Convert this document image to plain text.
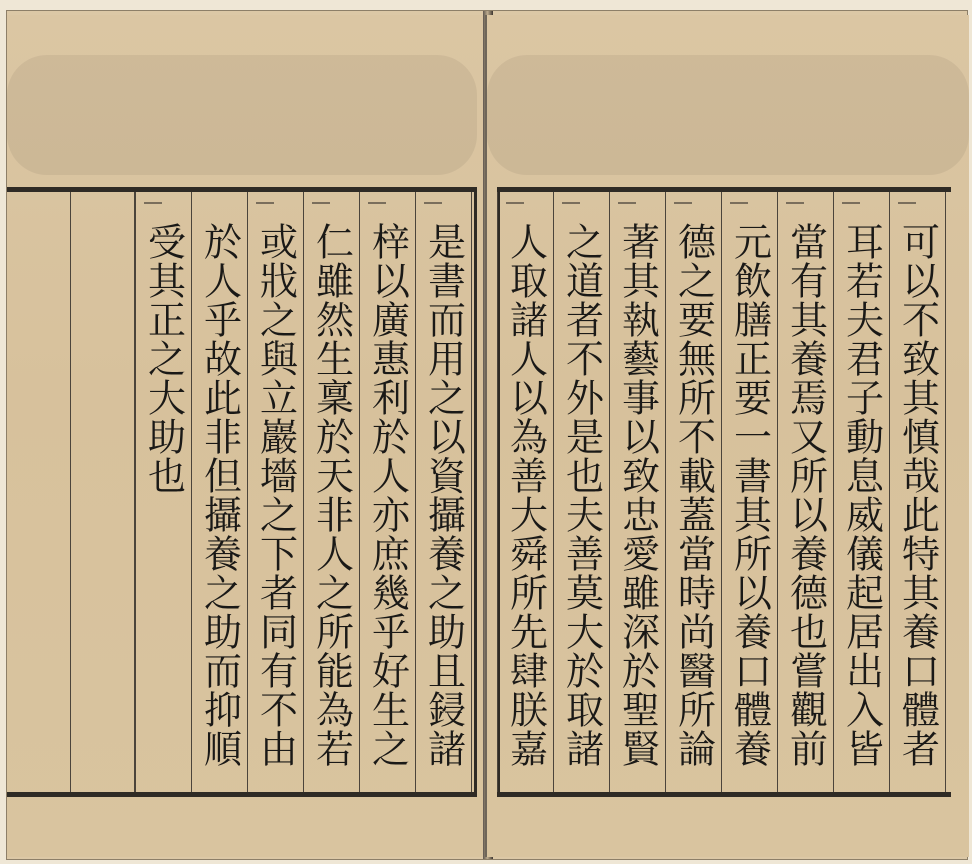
受其正之大助也 於人乎故此非但攝養之助而抑順 或戕之與立巖墻之下者同有不由 仁雖然生稟於天非人之所能為若 梓以廣惠利於人亦庶幾乎好生之 是書而用之以資攝養之助且鋟諸 人取諸人以為善大舜所先肆朕嘉 之道者不外是也夫善莫大於取諸 著其執藝事以致忠愛雖深於聖賢 德之要無所不載蓋當時尚醫所論 元飲膳正要一書其所以養口體養 當有其養焉又所以養德也嘗觀前 耳若夫君子動息威儀起居出入皆 可以不致其慎哉此特其養口體者
